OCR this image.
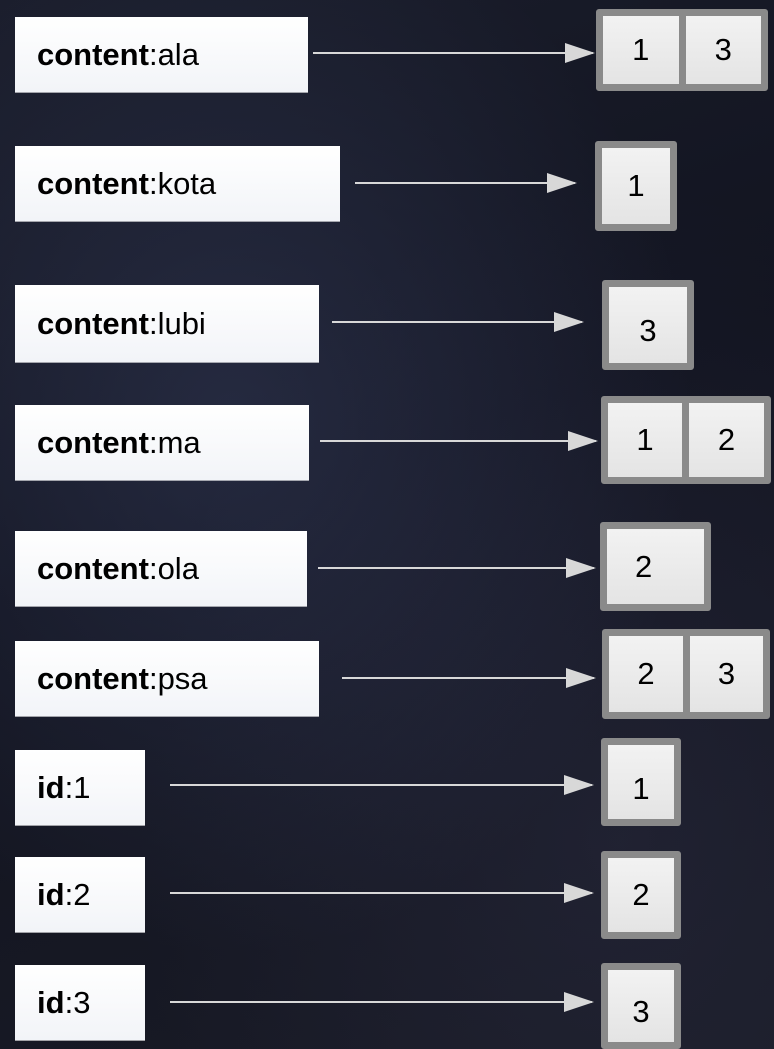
content : ala	1	3
content : kota	1
content : lubi	3
content : ma	1	2
content : ola	2
content : psa	2	3
id : 1	1
id : 2	2
id : 3	3
